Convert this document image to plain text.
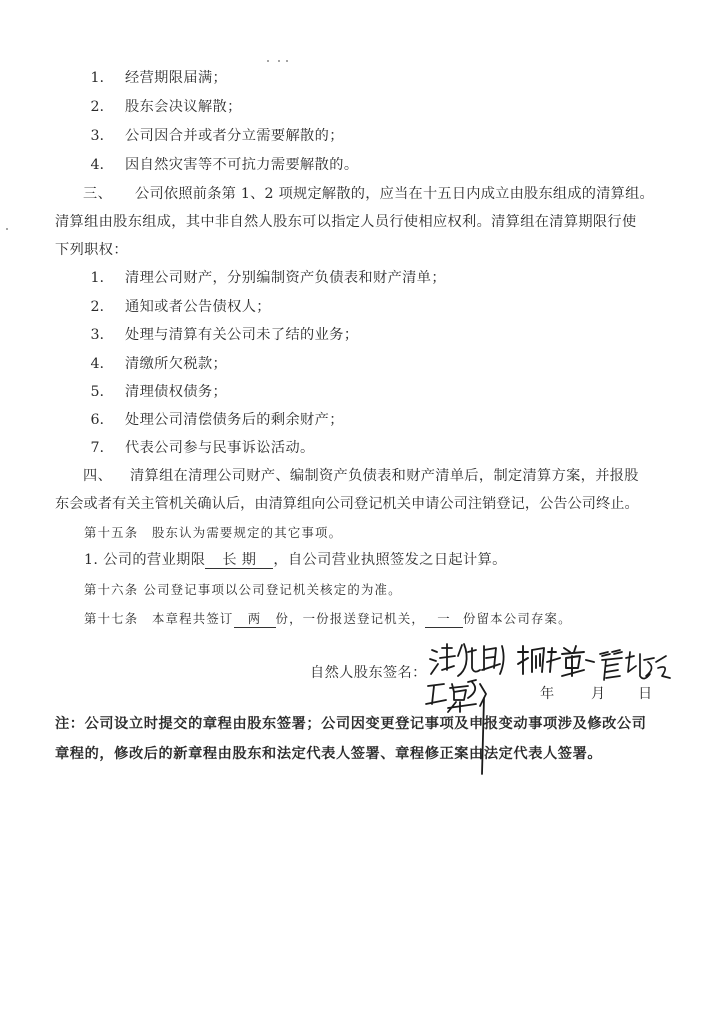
1. 经营期限届满；
2. 股东会决议解散；
3. 公司因合并或者分立需要解散的；
4. 因自然灾害等不可抗力需要解散的。
三、 公司依照前条第 1、2 项规定解散的，应当在十五日内成立由股东组成的清算组。
清算组由股东组成，其中非自然人股东可以指定人员行使相应权利。清算组在清算期限行使
下列职权：
1. 清理公司财产，分别编制资产负债表和财产清单；
2. 通知或者公告债权人；
3. 处理与清算有关公司未了结的业务；
4. 清缴所欠税款；
5. 清理债权债务；
6. 处理公司清偿债务后的剩余财产；
7. 代表公司参与民事诉讼活动。
四、 清算组在清理公司财产、编制资产负债表和财产清单后，制定清算方案，并报股
东会或者有关主管机关确认后，由清算组向公司登记机关申请公司注销登记，公告公司终止。
第十五条　股东认为需要规定的其它事项。
1. 公司的营业期限 长 期 ，自公司营业执照签发之日起计算。
第十六条 公司登记事项以公司登记机关核定的为准。
第十七条　本章程共签订 两 份，一份报送登记机关， 一 份留本公司存案。
自然人股东签名：
年	月 日
注：公司设立时提交的章程由股东签署；公司因变更登记事项及申报变动事项涉及修改公司
章程的，修改后的新章程由股东和法定代表人签署、章程修正案由法定代表人签署。
